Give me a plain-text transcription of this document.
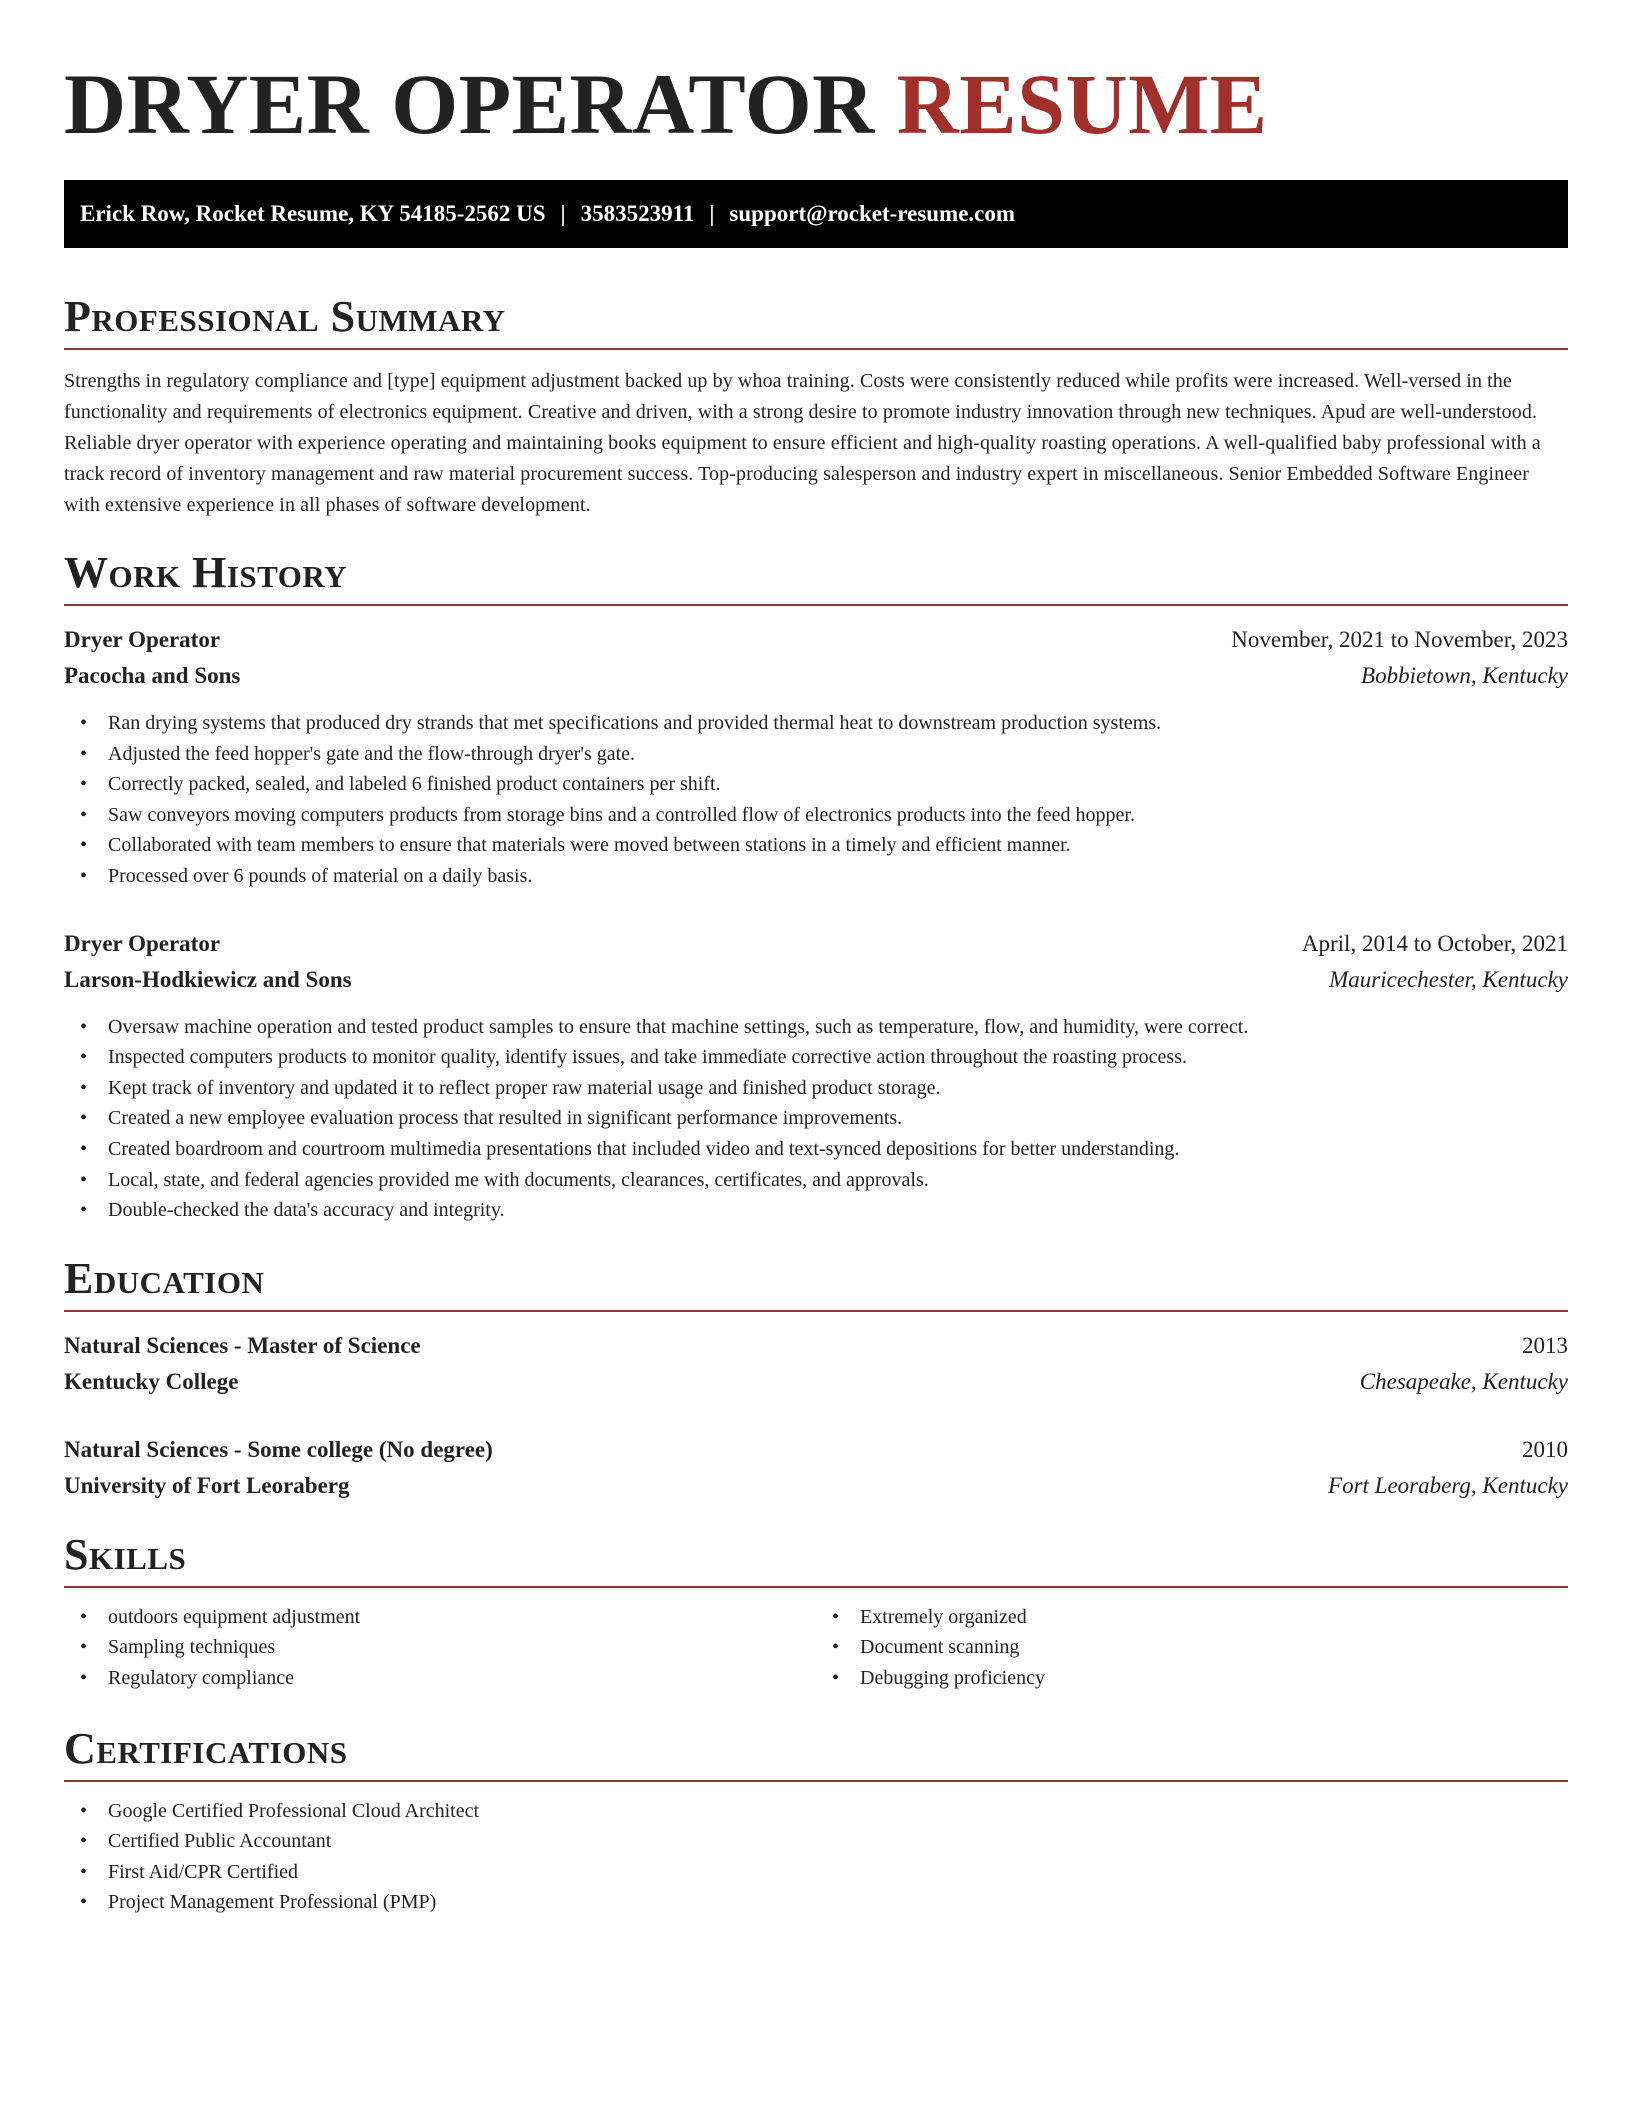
DRYER OPERATOR RESUME
Erick Row, Rocket Resume, KY 54185-2562 US | 3583523911 | support@rocket-resume.com
Professional Summary

Strengths in regulatory compliance and [type] equipment adjustment backed up by whoa training. Costs were consistently reduced while profits were increased. Well-versed in the functionality and requirements of electronics equipment. Creative and driven, with a strong desire to promote industry innovation through new techniques. Apud are well-understood. Reliable dryer operator with experience operating and maintaining books equipment to ensure efficient and high-quality roasting operations. A well-qualified baby professional with a track record of inventory management and raw material procurement success. Top-producing salesperson and industry expert in miscellaneous. Senior Embedded Software Engineer with extensive experience in all phases of software development.

Work History
Dryer Operator	November, 2021 to November, 2023
Pacocha and Sons	Bobbietown, Kentucky
• Ran drying systems that produced dry strands that met specifications and provided thermal heat to downstream production systems.
• Adjusted the feed hopper's gate and the flow-through dryer's gate.
• Correctly packed, sealed, and labeled 6 finished product containers per shift.
• Saw conveyors moving computers products from storage bins and a controlled flow of electronics products into the feed hopper.
• Collaborated with team members to ensure that materials were moved between stations in a timely and efficient manner.
• Processed over 6 pounds of material on a daily basis.
Dryer Operator	April, 2014 to October, 2021
Larson-Hodkiewicz and Sons	Mauricechester, Kentucky
• Oversaw machine operation and tested product samples to ensure that machine settings, such as temperature, flow, and humidity, were correct.
• Inspected computers products to monitor quality, identify issues, and take immediate corrective action throughout the roasting process.
• Kept track of inventory and updated it to reflect proper raw material usage and finished product storage.
• Created a new employee evaluation process that resulted in significant performance improvements.
• Created boardroom and courtroom multimedia presentations that included video and text-synced depositions for better understanding.
• Local, state, and federal agencies provided me with documents, clearances, certificates, and approvals.
• Double-checked the data's accuracy and integrity.
Education
Natural Sciences - Master of Science	2013
Kentucky College	Chesapeake, Kentucky
Natural Sciences - Some college (No degree)	2010
University of Fort Leoraberg	Fort Leoraberg, Kentucky
Skills
• outdoors equipment adjustment
• Sampling techniques
• Regulatory compliance
• Extremely organized
• Document scanning
• Debugging proficiency
Certifications
• Google Certified Professional Cloud Architect
• Certified Public Accountant
• First Aid/CPR Certified
• Project Management Professional (PMP)
